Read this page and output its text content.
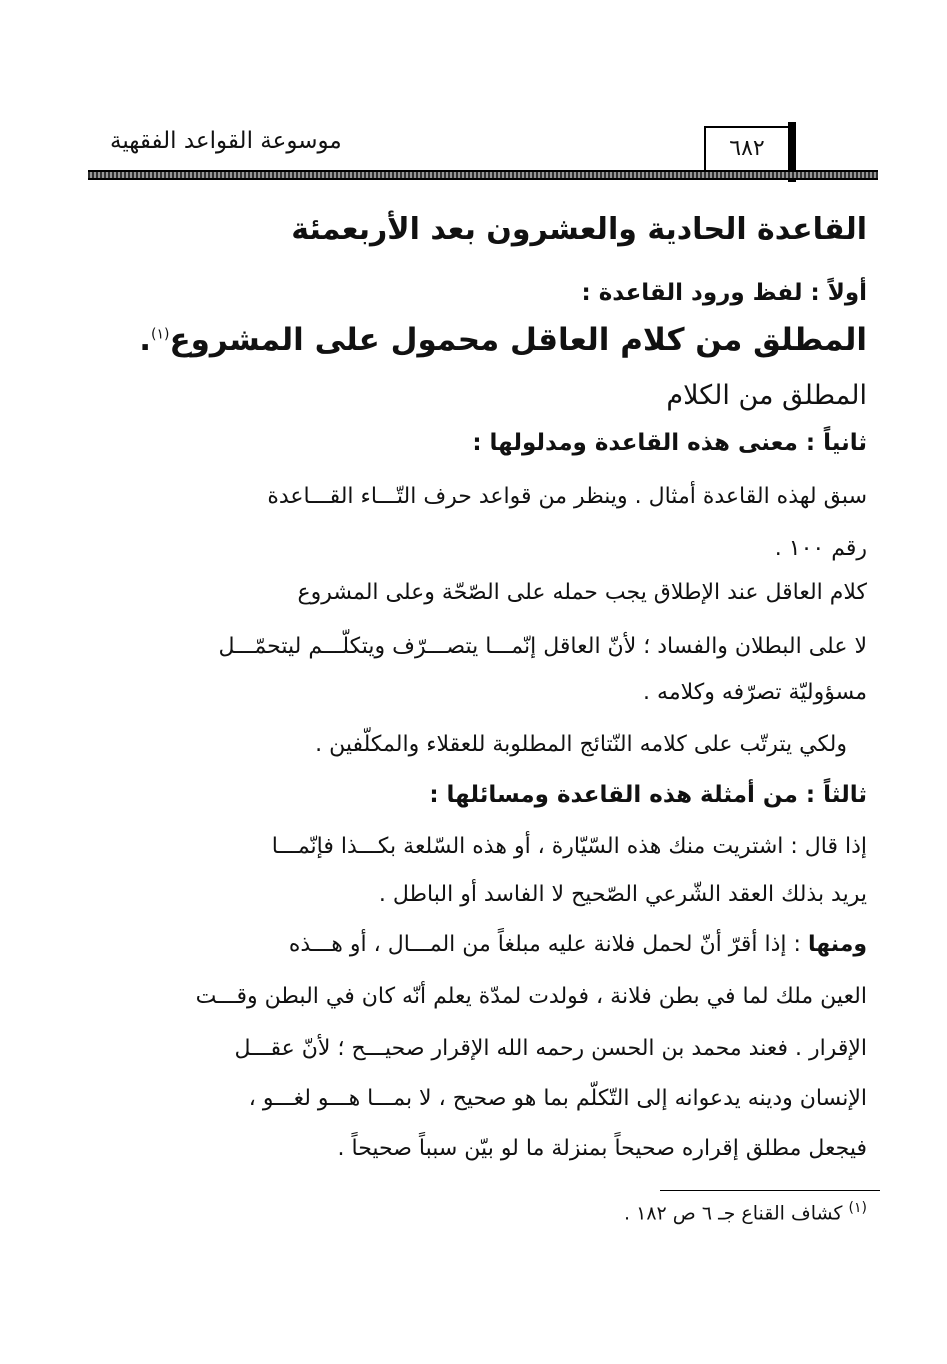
موسوعة القواعد الفقهية	٦٨٢
القاعدة الحادية والعشرون بعد الأربعمئة
أولاً : لفظ ورود القاعدة :
المطلق من كلام العاقل محمول على المشروع$^{(١)}$.
المطلق من الكلام
ثانياً : معنى هذه القاعدة ومدلولها :
سبق لهذه القاعدة أمثال . وينظر من قواعد حرف التّـــاء القـــاعدة
رقم ١٠٠ .
كلام العاقل عند الإطلاق يجب حمله على الصّحّة وعلى المشروع
لا على البطلان والفساد ؛ لأنّ العاقل إنّمـــا يتصـــرّف ويتكلّـــم ليتحمّـــل
مسؤوليّة تصرّفه وكلامه .
ولكي يترتّب على كلامه النّتائج المطلوبة للعقلاء والمكلّفين .
ثالثاً : من أمثلة هذه القاعدة ومسائلها :
إذا قال : اشتريت منك هذه السّيّارة ، أو هذه السّلعة بكـــذا فإنّمـــا
يريد بذلك العقد الشّرعي الصّحيح لا الفاسد أو الباطل .
ومنها : إذا أقرّ أنّ لحمل فلانة عليه مبلغاً من المـــال ، أو هـــذه
العين ملك لما في بطن فلانة ، فولدت لمدّة يعلم أنّه كان في البطن وقـــت
الإقرار . فعند محمد بن الحسن رحمه الله الإقرار صحيـــح ؛ لأنّ عقـــل
الإنسان ودينه يدعوانه إلى التّكلّم بما هو صحيح ، لا بمـــا هـــو لغـــو ،
فيجعل مطلق إقراره صحيحاً بمنزلة ما لو بيّن سبباً صحيحاً .
$^{(١)}$ كشاف القناع جـ ٦ ص ١٨٢ .
